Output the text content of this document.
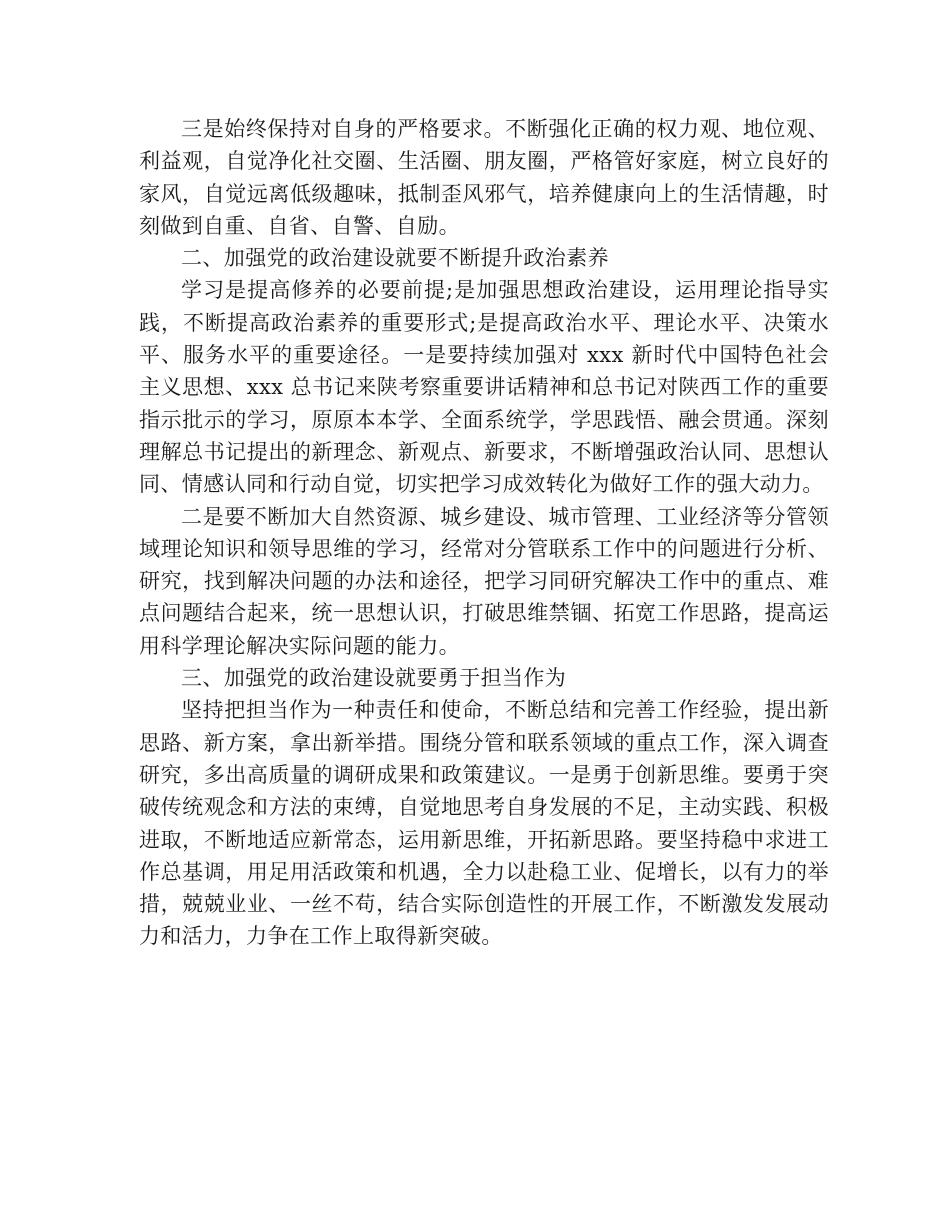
三是始终保持对自身的严格要求。不断强化正确的权力观、地位观、利益观，自觉净化社交圈、生活圈、朋友圈，严格管好家庭，树立良好的家风，自觉远离低级趣味，抵制歪风邪气，培养健康向上的生活情趣，时刻做到自重、自省、自警、自励。

二、加强党的政治建设就要不断提升政治素养

学习是提高修养的必要前提;是加强思想政治建设，运用理论指导实践，不断提高政治素养的重要形式;是提高政治水平、理论水平、决策水平、服务水平的重要途径。一是要持续加强对 xxx 新时代中国特色社会主义思想、xxx 总书记来陕考察重要讲话精神和总书记对陕西工作的重要指示批示的学习，原原本本学、全面系统学，学思践悟、融会贯通。深刻理解总书记提出的新理念、新观点、新要求，不断增强政治认同、思想认同、情感认同和行动自觉，切实把学习成效转化为做好工作的强大动力。

二是要不断加大自然资源、城乡建设、城市管理、工业经济等分管领域理论知识和领导思维的学习，经常对分管联系工作中的问题进行分析、研究，找到解决问题的办法和途径，把学习同研究解决工作中的重点、难点问题结合起来，统一思想认识，打破思维禁锢、拓宽工作思路，提高运用科学理论解决实际问题的能力。

三、加强党的政治建设就要勇于担当作为

坚持把担当作为一种责任和使命，不断总结和完善工作经验，提出新思路、新方案，拿出新举措。围绕分管和联系领域的重点工作，深入调查研究，多出高质量的调研成果和政策建议。一是勇于创新思维。要勇于突破传统观念和方法的束缚，自觉地思考自身发展的不足，主动实践、积极进取，不断地适应新常态，运用新思维，开拓新思路。要坚持稳中求进工作总基调，用足用活政策和机遇，全力以赴稳工业、促增长，以有力的举措，兢兢业业、一丝不苟，结合实际创造性的开展工作，不断激发发展动力和活力，力争在工作上取得新突破。
